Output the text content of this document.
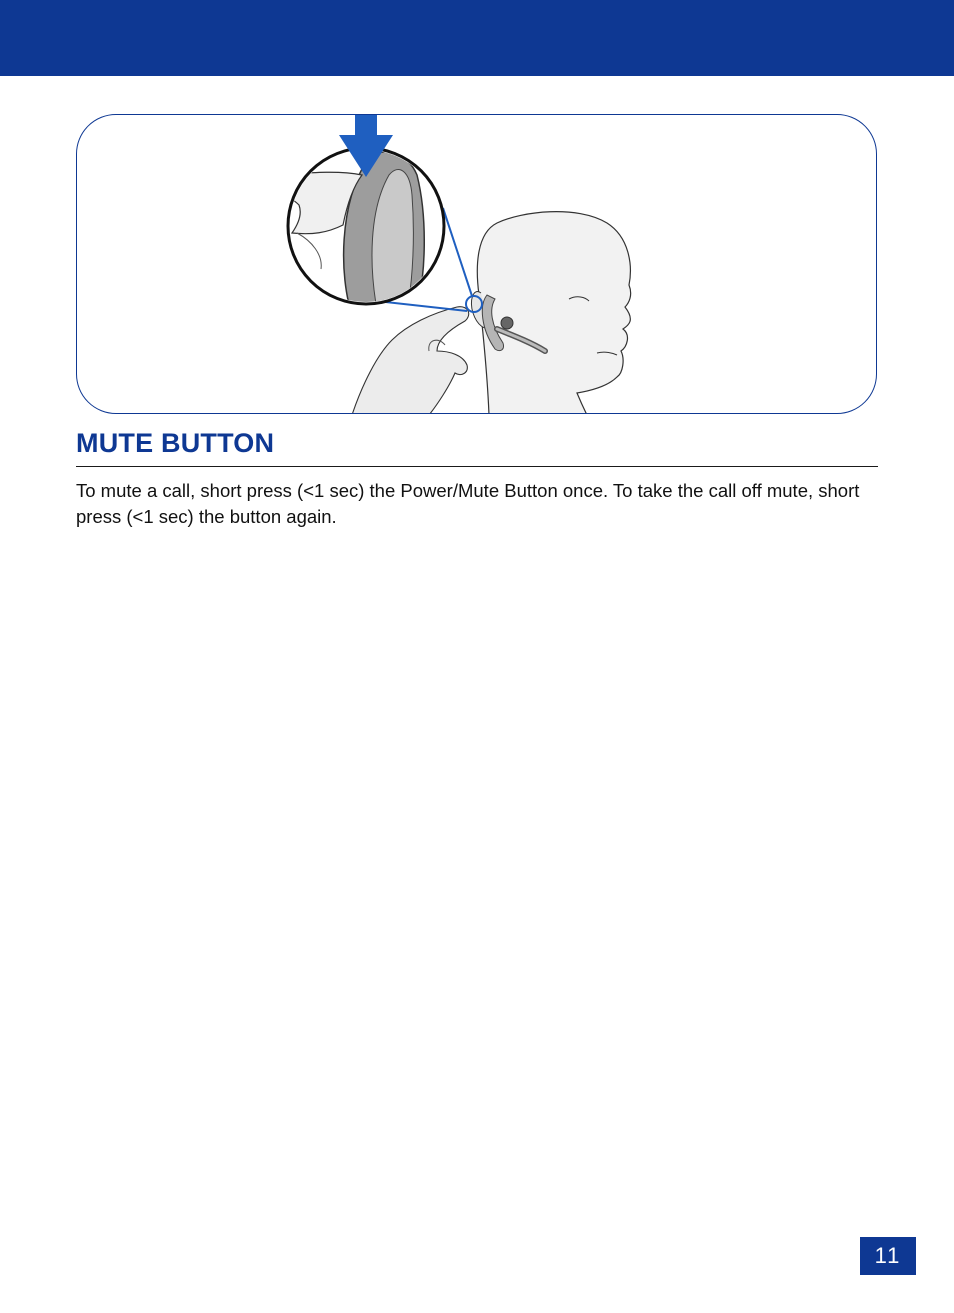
MUTE BUTTON

To mute a call, short press (<1 sec) the Power/Mute Button once. To take the call off mute, short press (<1 sec) the button again.

11
